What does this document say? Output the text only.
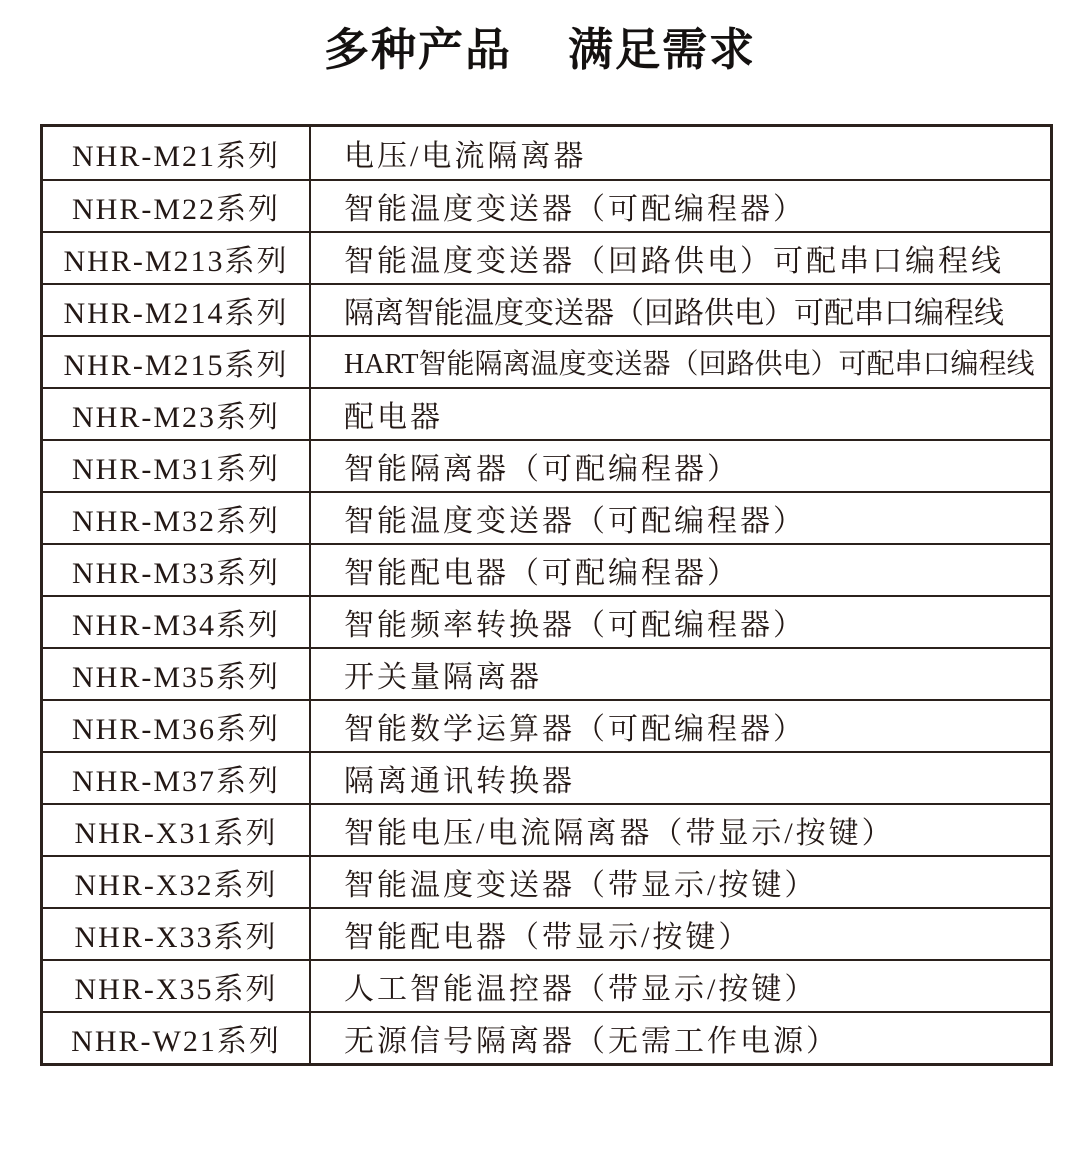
多种产品 满足需求
NHR-M21系列	电压/电流隔离器
NHR-M22系列	智能温度变送器（可配编程器）
NHR-M213系列	智能温度变送器（回路供电）可配串口编程线
NHR-M214系列	隔离智能温度变送器（回路供电）可配串口编程线
NHR-M215系列	HART智能隔离温度变送器（回路供电）可配串口编程线
NHR-M23系列	配电器
NHR-M31系列	智能隔离器（可配编程器）
NHR-M32系列	智能温度变送器（可配编程器）
NHR-M33系列	智能配电器（可配编程器）
NHR-M34系列	智能频率转换器（可配编程器）
NHR-M35系列	开关量隔离器
NHR-M36系列	智能数学运算器（可配编程器）
NHR-M37系列	隔离通讯转换器
NHR-X31系列	智能电压/电流隔离器（带显示/按键）
NHR-X32系列	智能温度变送器（带显示/按键）
NHR-X33系列	智能配电器（带显示/按键）
NHR-X35系列	人工智能温控器（带显示/按键）
NHR-W21系列	无源信号隔离器（无需工作电源）
